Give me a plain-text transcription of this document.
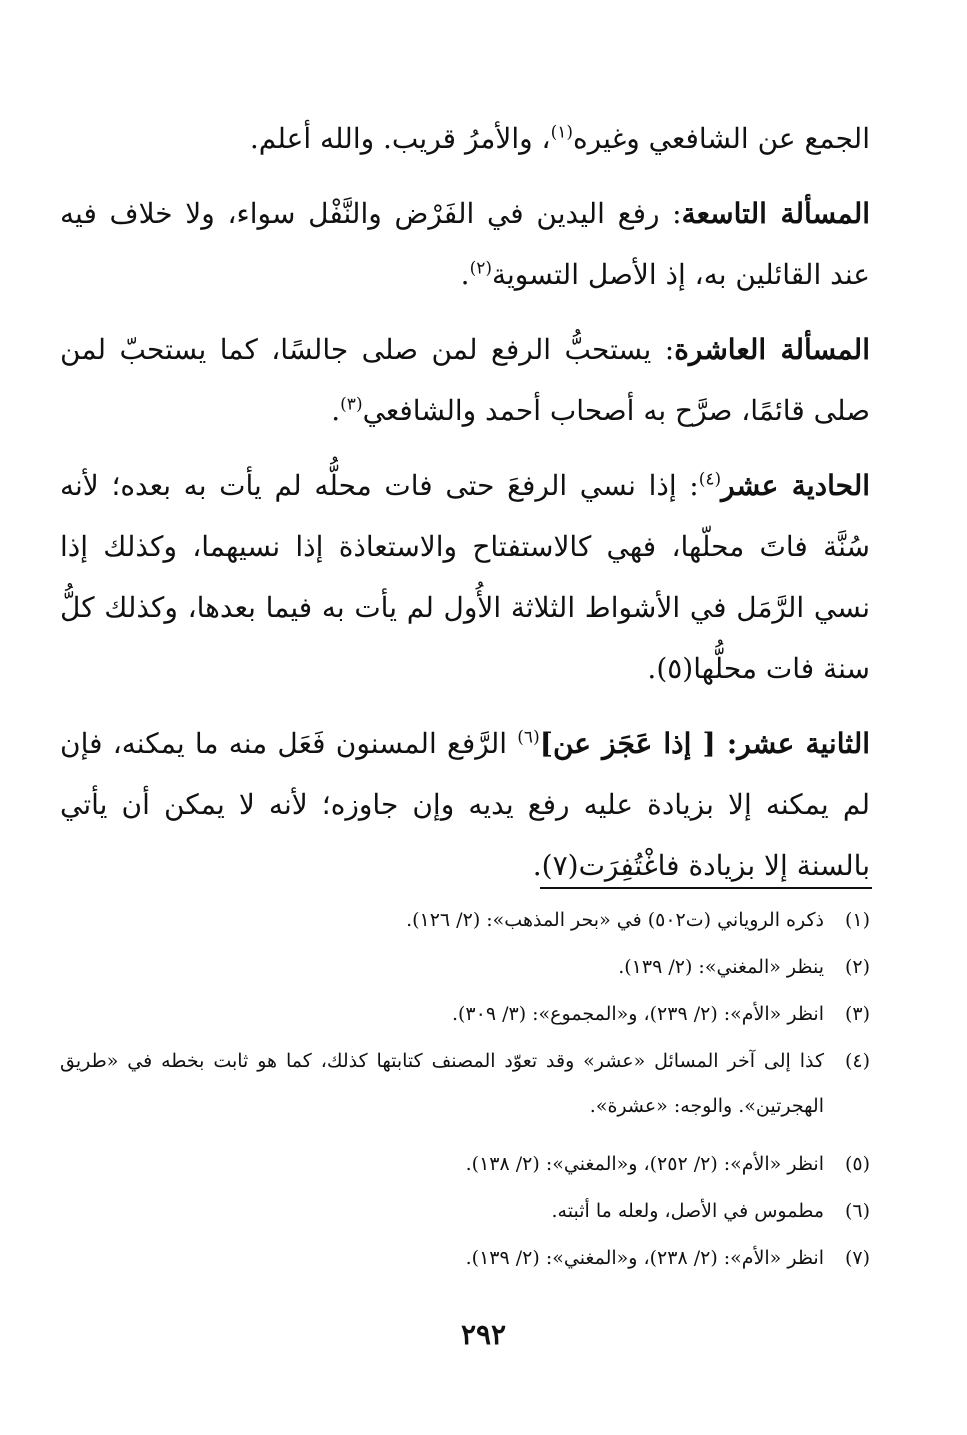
الجمع عن الشافعي وغيره$^{(١)}$، والأمرُ قريب. والله أعلم.

المسألة التاسعة: رفع اليدين في الفَرْض والنَّفْل سواء، ولا خلاف فيه عند القائلين به، إذ الأصل التسوية$^{(٢)}$.

المسألة العاشرة: يستحبُّ الرفع لمن صلى جالسًا، كما يستحبّ لمن صلى قائمًا، صرَّح به أصحاب أحمد والشافعي$^{(٣)}$.

الحادية عشر$^{(٤)}$: إذا نسي الرفعَ حتى فات محلُّه لم يأت به بعده؛ لأنه سُنَّة فاتَ محلّها، فهي كالاستفتاح والاستعاذة إذا نسيهما، وكذلك إذا نسي الرَّمَل في الأشواط الثلاثة الأُول لم يأت به فيما بعدها، وكذلك كلُّ سنة فات محلُّها(٥).

الثانية عشر: [ إذا عَجَز عن]$^{(٦)}$ الرَّفع المسنون فَعَل منه ما يمكنه، فإن لم يمكنه إلا بزيادة عليه رفع يديه وإن جاوزه؛ لأنه لا يمكن أن يأتي بالسنة إلا بزيادة فاغْتُفِرَت(٧).

(١)
ذكره الروياني (ت٥٠٢) في «بحر المذهب»: (٢/ ١٢٦).
(٢)
ينظر «المغني»: (٢/ ١٣٩).
(٣)
انظر «الأم»: (٢/ ٢٣٩)، و«المجموع»: (٣/ ٣٠٩).
(٤)
كذا إلى آخر المسائل «عشر» وقد تعوّد المصنف كتابتها كذلك، كما هو ثابت بخطه في «طريق الهجرتين». والوجه: «عشرة».
(٥)
انظر «الأم»: (٢/ ٢٥٢)، و«المغني»: (٢/ ١٣٨).
(٦)
مطموس في الأصل، ولعله ما أثبته.
(٧)
انظر «الأم»: (٢/ ٢٣٨)، و«المغني»: (٢/ ١٣٩).
٢٩٢
